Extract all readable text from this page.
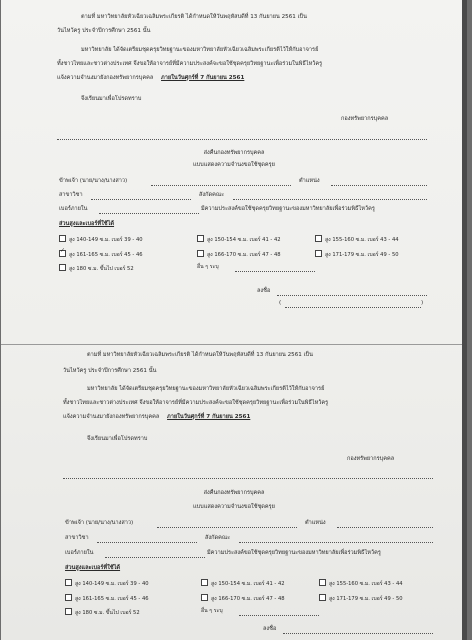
ตามที่ มหาวิทยาลัยหัวเฉียวเฉลิมพระเกียรติ ได้กำหนดให้วันพฤหัสบดีที่ 13 กันยายน 2561 เป็น
วันไหว้ครู ประจำปีการศึกษา 2561 นั้น
มหาวิทยาลัย ได้จัดเตรียมชุดครุยวิทยฐานะของมหาวิทยาลัยหัวเฉียวเฉลิมพระเกียรติไว้ให้กับอาจารย์
ทั้งชาวไทยและชาวต่างประเทศ จึงขอให้อาจารย์ที่มีความประสงค์จะขอใช้ชุดครุยวิทยฐานะเพื่อร่วมในพิธีไหว้ครู
แจ้งความจำนงมายังกองทรัพยากรบุคคล ภายในวันศุกร์ที่ 7 กันยายน 2561
จึงเรียนมาเพื่อโปรดทราบ
กองทรัพยากรบุคคล
ส่งคืนกองทรัพยากรบุคคล
แบบแสดงความจำนงขอใช้ชุดครุย
ข้าพเจ้า (นาย/นาง/นางสาว)	ตำแหน่ง
สาขาวิชา	สังกัดคณะ
เบอร์ภายใน	มีความประสงค์ขอใช้ชุดครุยวิทยฐานะของมหาวิทยาลัยเพื่อร่วมพิธีไหว้ครู
ส่วนสูงและเบอร์ที่ใช้ได้
สูง 140-149 ซ.ม. เบอร์ 39 - 40	สูง 150-154 ซ.ม. เบอร์ 41 - 42	สูง 155-160 ซ.ม. เบอร์ 43 - 44
✓สูง 161-165 ซ.ม. เบอร์ 45 - 46	สูง 166-170 ซ.ม. เบอร์ 47 - 48	สูง 171-179 ซ.ม. เบอร์ 49 - 50
สูง 180 ซ.ม. ขึ้นไป เบอร์ 52	อื่น ๆ ระบุ
ลงชื่อ
(	)
ตามที่ มหาวิทยาลัยหัวเฉียวเฉลิมพระเกียรติ ได้กำหนดให้วันพฤหัสบดีที่ 13 กันยายน 2561 เป็น
วันไหว้ครู ประจำปีการศึกษา 2561 นั้น
มหาวิทยาลัย ได้จัดเตรียมชุดครุยวิทยฐานะของมหาวิทยาลัยหัวเฉียวเฉลิมพระเกียรติไว้ให้กับอาจารย์
ทั้งชาวไทยและชาวต่างประเทศ จึงขอให้อาจารย์ที่มีความประสงค์จะขอใช้ชุดครุยวิทยฐานะเพื่อร่วมในพิธีไหว้ครู
แจ้งความจำนงมายังกองทรัพยากรบุคคล ภายในวันศุกร์ที่ 7 กันยายน 2561
จึงเรียนมาเพื่อโปรดทราบ
กองทรัพยากรบุคคล
ส่งคืนกองทรัพยากรบุคคล
แบบแสดงความจำนงขอใช้ชุดครุย
ข้าพเจ้า (นาย/นาง/นางสาว)	ตำแหน่ง
สาขาวิชา	สังกัดคณะ
เบอร์ภายใน	มีความประสงค์ขอใช้ชุดครุยวิทยฐานะของมหาวิทยาลัยเพื่อร่วมพิธีไหว้ครู
ส่วนสูงและเบอร์ที่ใช้ได้
สูง 140-149 ซ.ม. เบอร์ 39 - 40	สูง 150-154 ซ.ม. เบอร์ 41 - 42	สูง 155-160 ซ.ม. เบอร์ 43 - 44
สูง 161-165 ซ.ม. เบอร์ 45 - 46	สูง 166-170 ซ.ม. เบอร์ 47 - 48	สูง 171-179 ซ.ม. เบอร์ 49 - 50
สูง 180 ซ.ม. ขึ้นไป เบอร์ 52	อื่น ๆ ระบุ
ลงชื่อ
